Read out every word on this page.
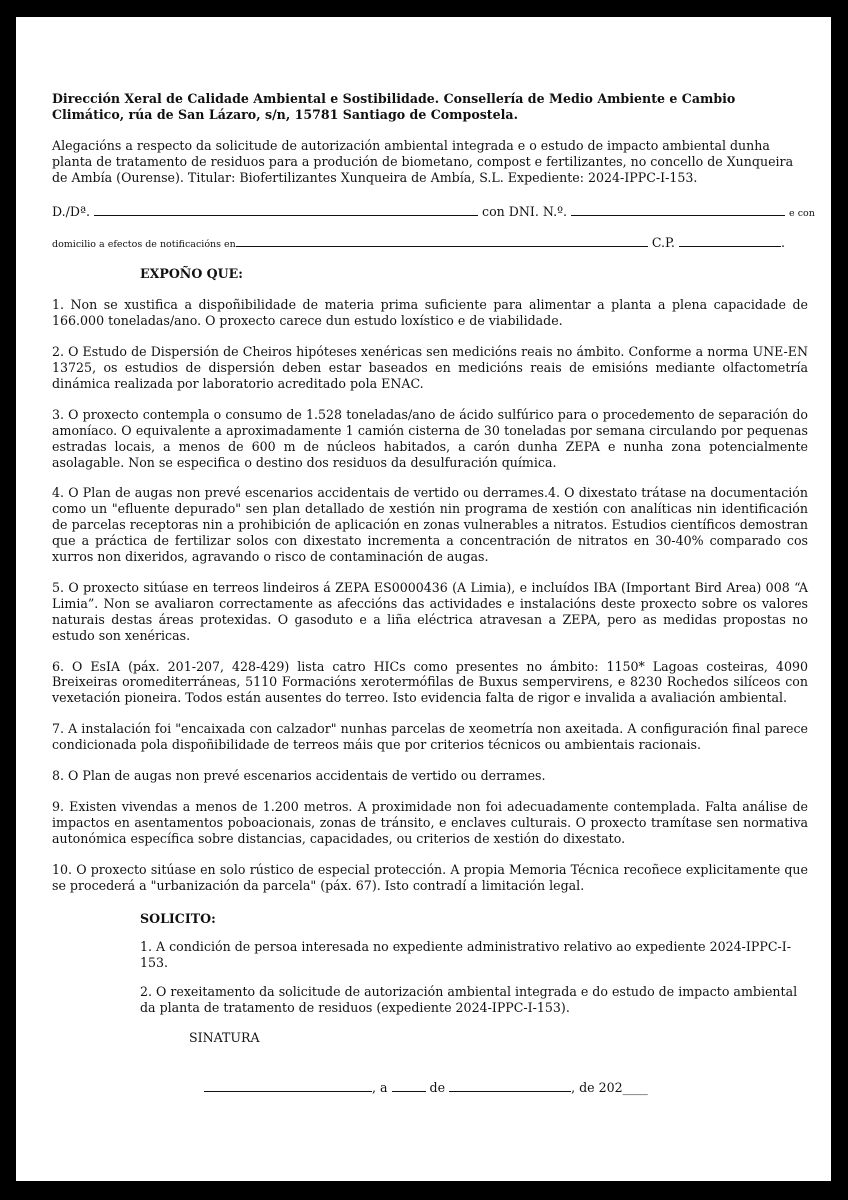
Dirección Xeral de Calidade Ambiental e Sostibilidade. Consellería de Medio Ambiente e Cambio Climático, rúa de San Lázaro, s/n, 15781 Santiago de Compostela.

Alegacións a respecto da solicitude de autorización ambiental integrada e o estudo de impacto ambiental dunha planta de tratamento de residuos para a produción de biometano, compost e fertilizantes, no concello de Xunqueira de Ambía (Ourense). Titular: Biofertilizantes Xunqueira de Ambía, S.L. Expediente: 2024-IPPC-I-153.

D./Dª.	con DNI. N.º.	e con
domicilio a efectos de notificacións en	C.P.	.

EXPOÑO QUE:

1. Non se xustifica a dispoñibilidade de materia prima suficiente para alimentar a planta a plena capacidade de 166.000 toneladas/ano. O proxecto carece dun estudo loxístico e de viabilidade.

2. O Estudo de Dispersión de Cheiros hipóteses xenéricas sen medicións reais no ámbito. Conforme a norma UNE-EN 13725, os estudios de dispersión deben estar baseados en medicións reais de emisións mediante olfactometría dinámica realizada por laboratorio acreditado pola ENAC.

3. O proxecto contempla o consumo de 1.528 toneladas/ano de ácido sulfúrico para o procedemento de separación do amoníaco. O equivalente a aproximadamente 1 camión cisterna de 30 toneladas por semana circulando por pequenas estradas locais, a menos de 600 m de núcleos habitados, a carón dunha ZEPA e nunha zona potencialmente asolagable. Non se especifica o destino dos residuos da desulfuración química.

4. O Plan de augas non prevé escenarios accidentais de vertido ou derrames.4. O dixestato trátase na documentación como un "efluente depurado" sen plan detallado de xestión nin programa de xestión con analíticas nin identificación de parcelas receptoras nin a prohibición de aplicación en zonas vulnerables a nitratos. Estudios científicos demostran que a práctica de fertilizar solos con dixestato incrementa a concentración de nitratos en 30-40% comparado cos xurros non dixeridos, agravando o risco de contaminación de augas.

5. O proxecto sitúase en terreos lindeiros á ZEPA ES0000436 (A Limia), e incluídos IBA (Important Bird Area) 008 “A Limia”. Non se avaliaron correctamente as afeccións das actividades e instalacións deste proxecto sobre os valores naturais destas áreas protexidas. O gasoduto e a liña eléctrica atravesan a ZEPA, pero as medidas propostas no estudo son xenéricas.

6. O EsIA (páx. 201-207, 428-429) lista catro HICs como presentes no ámbito: 1150* Lagoas costeiras, 4090 Breixeiras oromediterráneas, 5110 Formacións xerotermófilas de Buxus sempervirens, e 8230 Rochedos silíceos con vexetación pioneira. Todos están ausentes do terreo. Isto evidencia falta de rigor e invalida a avaliación ambiental.

7. A instalación foi "encaixada con calzador" nunhas parcelas de xeometría non axeitada. A configuración final parece condicionada pola dispoñibilidade de terreos máis que por criterios técnicos ou ambientais racionais.

8. O Plan de augas non prevé escenarios accidentais de vertido ou derrames.

9. Existen vivendas a menos de 1.200 metros. A proximidade non foi adecuadamente contemplada. Falta análise de impactos en asentamentos poboacionais, zonas de tránsito, e enclaves culturais. O proxecto tramítase sen normativa autonómica específica sobre distancias, capacidades, ou criterios de xestión do dixestato.

10. O proxecto sitúase en solo rústico de especial protección. A propia Memoria Técnica recoñece explicitamente que se procederá a "urbanización da parcela" (páx. 67). Isto contradí a limitación legal.

SOLICITO:

1. A condición de persoa interesada no expediente administrativo relativo ao expediente 2024-IPPC-I-153.

2. O rexeitamento da solicitude de autorización ambiental integrada e do estudo de impacto ambiental da planta de tratamento de residuos (expediente 2024-IPPC-I-153).

SINATURA

, a	de	, de 202____
